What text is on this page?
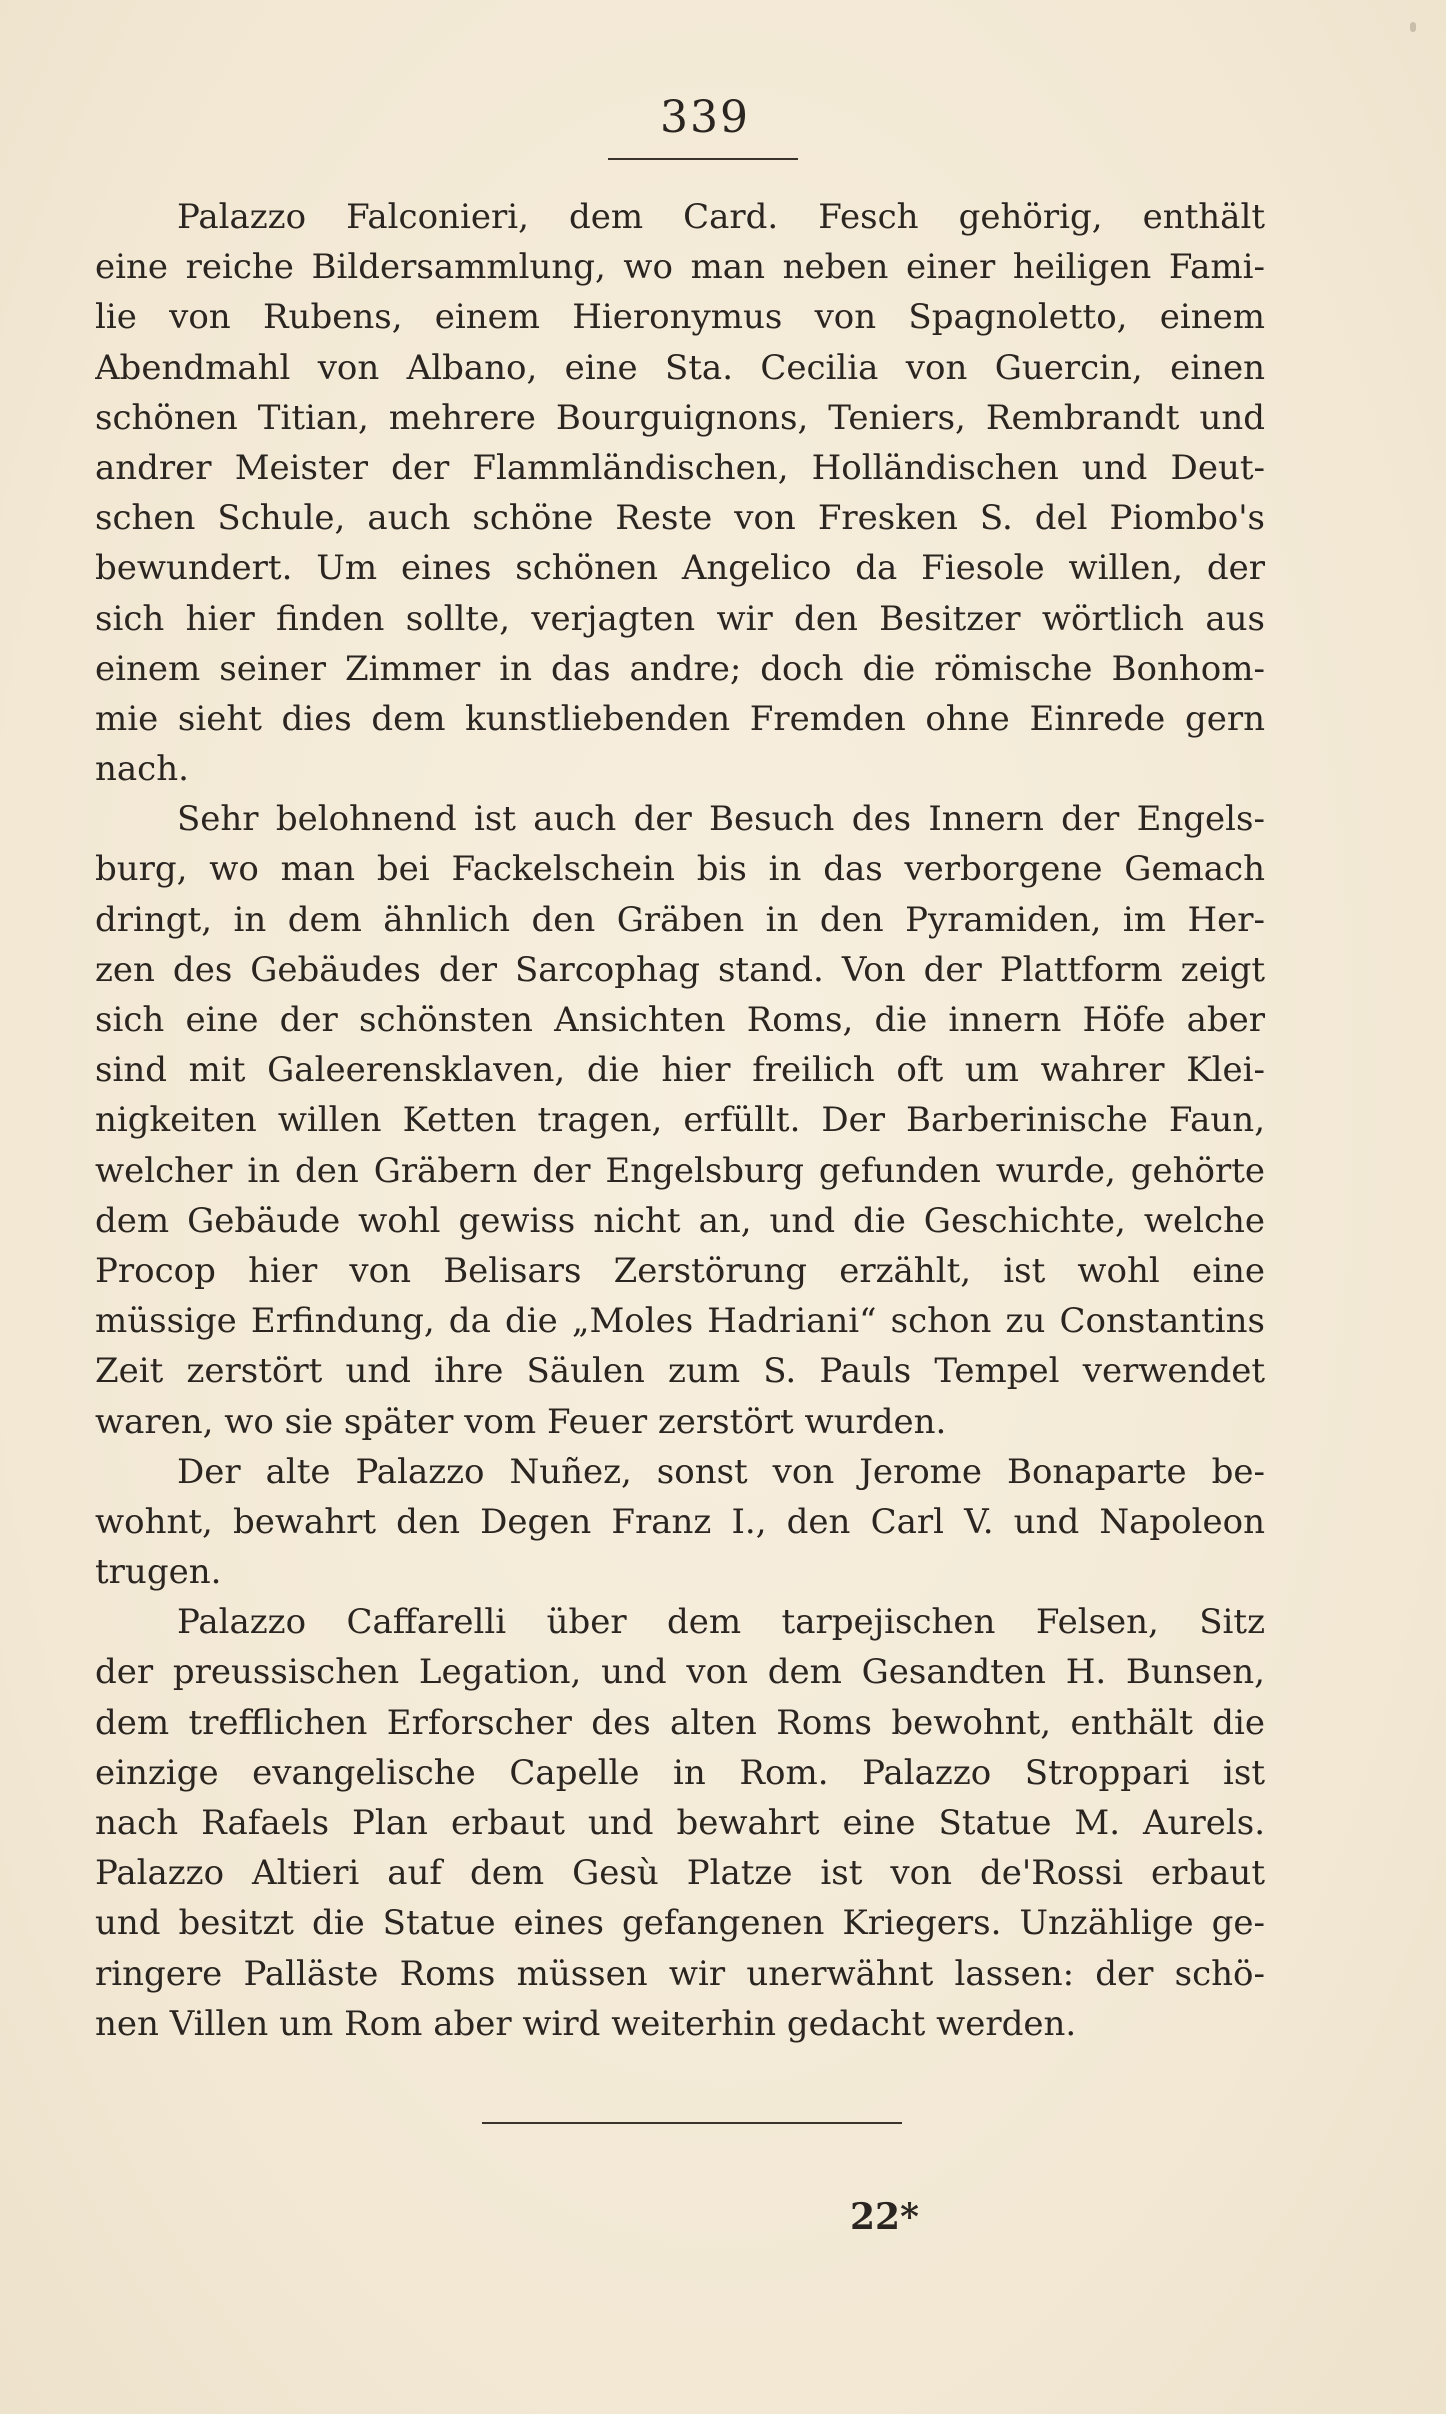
339
Palazzo Falconieri, dem Card. Fesch gehörig, enthält
eine reiche Bildersammlung, wo man neben einer heiligen Fami-
lie von Rubens, einem Hieronymus von Spagnoletto, einem
Abendmahl von Albano, eine Sta. Cecilia von Guercin, einen
schönen Titian, mehrere Bourguignons, Teniers, Rembrandt und
andrer Meister der Flammländischen, Holländischen und Deut-
schen Schule, auch schöne Reste von Fresken S. del Piombo's
bewundert. Um eines schönen Angelico da Fiesole willen, der
sich hier finden sollte, verjagten wir den Besitzer wörtlich aus
einem seiner Zimmer in das andre; doch die römische Bonhom-
mie sieht dies dem kunstliebenden Fremden ohne Einrede gern
nach.
Sehr belohnend ist auch der Besuch des Innern der Engels-
burg, wo man bei Fackelschein bis in das verborgene Gemach
dringt, in dem ähnlich den Gräben in den Pyramiden, im Her-
zen des Gebäudes der Sarcophag stand. Von der Plattform zeigt
sich eine der schönsten Ansichten Roms, die innern Höfe aber
sind mit Galeerensklaven, die hier freilich oft um wahrer Klei-
nigkeiten willen Ketten tragen, erfüllt. Der Barberinische Faun,
welcher in den Gräbern der Engelsburg gefunden wurde, gehörte
dem Gebäude wohl gewiss nicht an, und die Geschichte, welche
Procop hier von Belisars Zerstörung erzählt, ist wohl eine
müssige Erfindung, da die „Moles Hadriani“ schon zu Constantins
Zeit zerstört und ihre Säulen zum S. Pauls Tempel verwendet
waren, wo sie später vom Feuer zerstört wurden.
Der alte Palazzo Nuñez, sonst von Jerome Bonaparte be-
wohnt, bewahrt den Degen Franz I., den Carl V. und Napoleon
trugen.
Palazzo Caffarelli über dem tarpejischen Felsen, Sitz
der preussischen Legation, und von dem Gesandten H. Bunsen,
dem trefflichen Erforscher des alten Roms bewohnt, enthält die
einzige evangelische Capelle in Rom. Palazzo Stroppari ist
nach Rafaels Plan erbaut und bewahrt eine Statue M. Aurels.
Palazzo Altieri auf dem Gesù Platze ist von de'Rossi erbaut
und besitzt die Statue eines gefangenen Kriegers. Unzählige ge-
ringere Palläste Roms müssen wir unerwähnt lassen: der schö-
nen Villen um Rom aber wird weiterhin gedacht werden.
22*
